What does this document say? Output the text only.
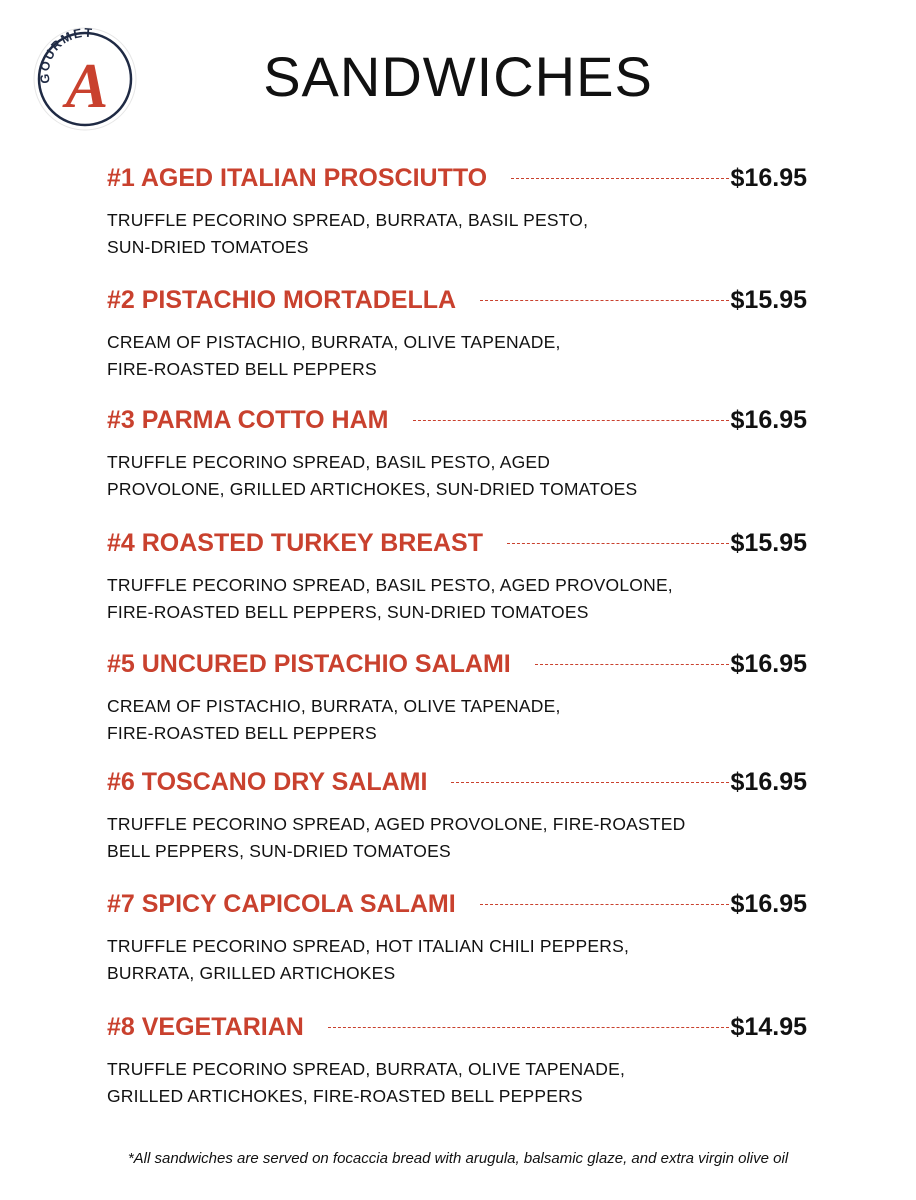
GOURMET
A	SANDWICHES
#1 AGED ITALIAN PROSCIUTTO	$16.95
TRUFFLE PECORINO SPREAD, BURRATA, BASIL PESTO,
SUN-DRIED TOMATOES
#2 PISTACHIO MORTADELLA	$15.95
CREAM OF PISTACHIO, BURRATA, OLIVE TAPENADE,
FIRE-ROASTED BELL PEPPERS
#3 PARMA COTTO HAM	$16.95
TRUFFLE PECORINO SPREAD, BASIL PESTO, AGED
PROVOLONE, GRILLED ARTICHOKES, SUN-DRIED TOMATOES
#4 ROASTED TURKEY BREAST	$15.95
TRUFFLE PECORINO SPREAD, BASIL PESTO, AGED PROVOLONE,
FIRE-ROASTED BELL PEPPERS, SUN-DRIED TOMATOES
#5 UNCURED PISTACHIO SALAMI	$16.95
CREAM OF PISTACHIO, BURRATA, OLIVE TAPENADE,
FIRE-ROASTED BELL PEPPERS
#6 TOSCANO DRY SALAMI	$16.95
TRUFFLE PECORINO SPREAD, AGED PROVOLONE, FIRE-ROASTED
BELL PEPPERS, SUN-DRIED TOMATOES
#7 SPICY CAPICOLA SALAMI	$16.95
TRUFFLE PECORINO SPREAD, HOT ITALIAN CHILI PEPPERS,
BURRATA, GRILLED ARTICHOKES
#8 VEGETARIAN	$14.95
TRUFFLE PECORINO SPREAD, BURRATA, OLIVE TAPENADE,
GRILLED ARTICHOKES, FIRE-ROASTED BELL PEPPERS
*All sandwiches are served on focaccia bread with arugula, balsamic glaze, and extra virgin olive oil
